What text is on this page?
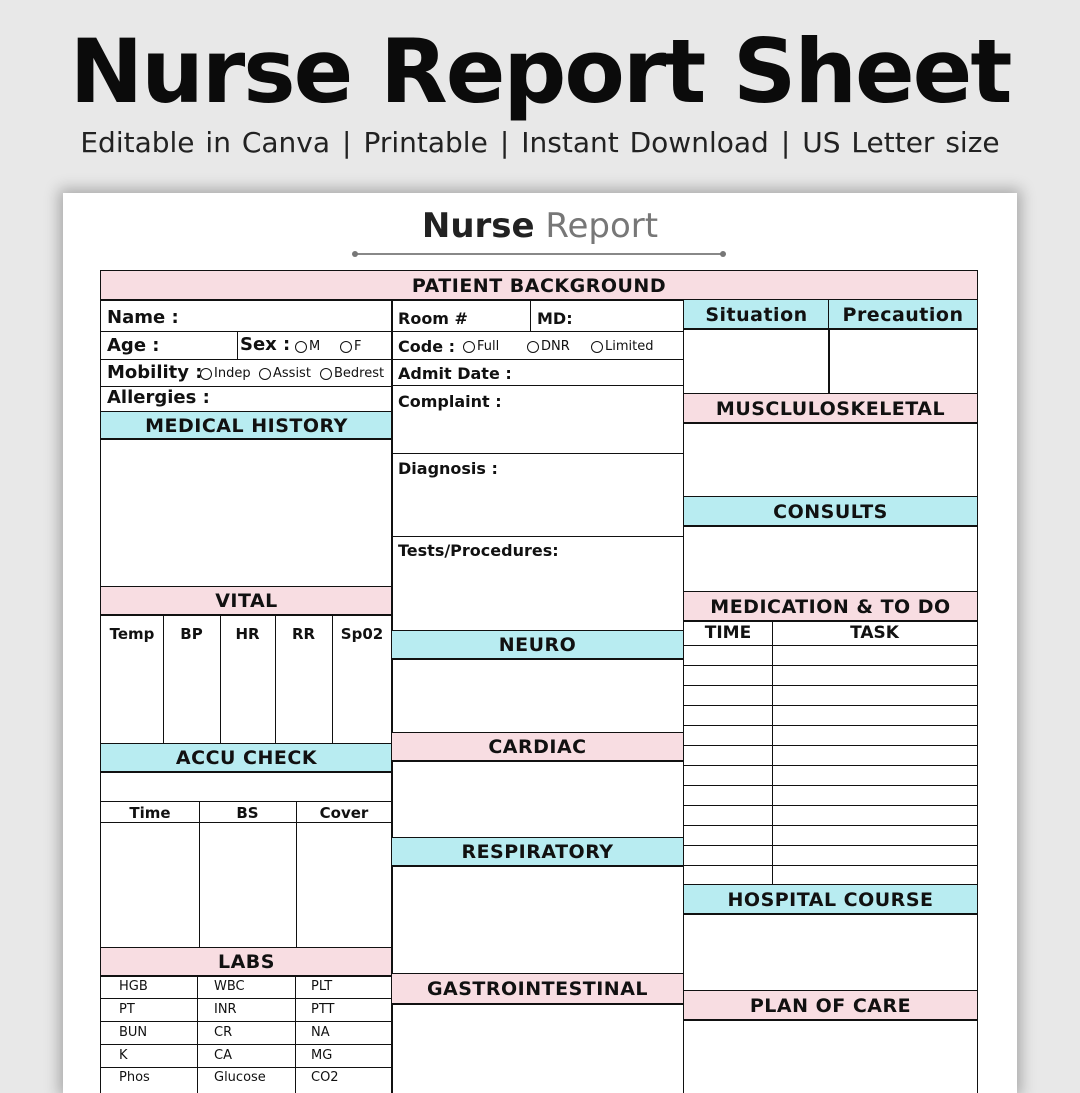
Nurse Report Sheet

Editable in Canva | Printable | Instant Download | US Letter size

Nurse Report
PATIENT BACKGROUND
Name :
Age :	Sex : M	F
Mobility : Indep Assist Bedrest
Allergies :
MEDICAL HISTORY
VITAL
Temp	BP	HR	RR	Sp02
ACCU CHECK
Time	BS	Cover
LABS
HGB	WBC	PLT
PT	INR	PTT
BUN	CR	NA
K	CA	MG
Phos	Glucose	CO2
Room #	MD:
Code : Full	DNR	Limited
Admit Date :
Complaint :
Diagnosis :
Tests/Procedures:
NEURO
CARDIAC
RESPIRATORY
GASTROINTESTINAL
Situation Precaution
MUSCLULOSKELETAL
CONSULTS
MEDICATION & TO DO
TIME	TASK
HOSPITAL COURSE
PLAN OF CARE
